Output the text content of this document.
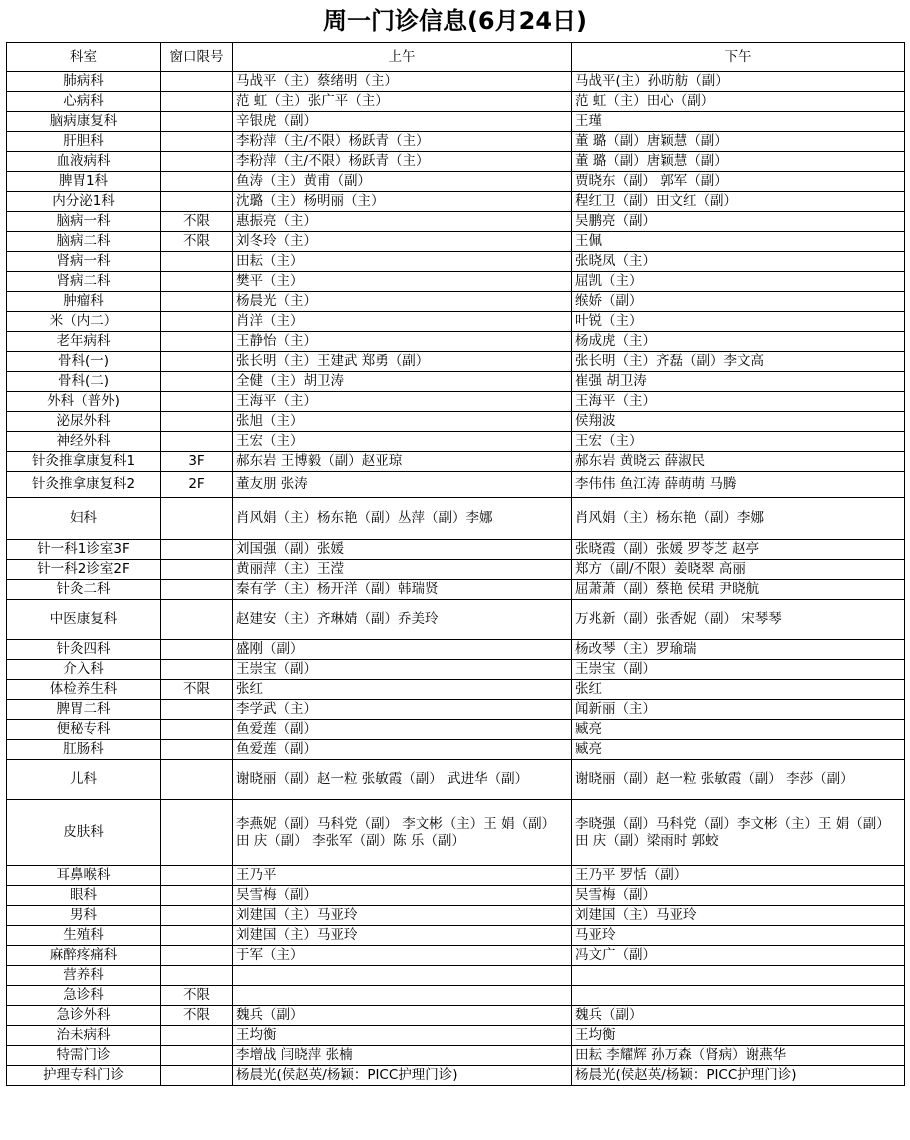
周一门诊信息(6月24日)
科室	窗口限号	上午	下午
肺病科		马战平（主）蔡绪明（主）	马战平(主）孙昉舫（副）
心病科		范 虹（主）张广平（主）	范 虹（主）田心（副）
脑病康复科		辛银虎（副）	王瑾
肝胆科		李粉萍（主/不限）杨跃青（主）	董 璐（副）唐颖慧（副）
血液病科		李粉萍（主/不限）杨跃青（主）	董 璐（副）唐颖慧（副）
脾胃1科		鱼涛（主）黄甫（副）	贾晓东（副） 郭军（副）
内分泌1科		沈璐（主）杨明丽（主）	程红卫（副）田文红（副）
脑病一科	不限	惠振亮（主）	吴鹏亮（副）
脑病二科	不限	刘冬玲（主）	王佩
肾病一科		田耘（主）	张晓凤（主）
肾病二科		樊平（主）	屈凯（主）
肿瘤科		杨晨光（主）	缑娇（副）
米（内二）		肖洋（主）	叶锐（主）
老年病科		王静怡（主）	杨成虎（主）
骨科(一)		张长明（主）王建武 郑勇（副）	张长明（主）齐磊（副）李文高
骨科(二)		全健（主）胡卫涛	崔强 胡卫涛
外科（普外)		王海平（主）	王海平（主）
泌尿外科		张旭（主）	侯翔波
神经外科		王宏（主）	王宏（主）
针灸推拿康复科1	3F	郝东岩 王博毅（副）赵亚琼	郝东岩 黄晓云 薛淑民
针灸推拿康复科2	2F	董友朋 张涛	李伟伟 鱼江涛 薛萌萌 马腾
妇科		肖风娟（主）杨东艳（副）丛萍（副）李娜	肖风娟（主）杨东艳（副）李娜
针一科1诊室3F		刘国强（副）张媛	张晓霞（副）张媛 罗苓芝 赵亭
针一科2诊室2F		黄丽萍（主）王滢	郑方（副/不限）姜晓翠 高丽
针灸二科		秦有学（主）杨开洋（副）韩瑞贤	屈萧萧（副）蔡艳 侯珺 尹晓航
中医康复科		赵建安（主）齐琳婧（副）乔美玲	万兆新（副）张香妮（副） 宋琴琴
针灸四科		盛刚（副）	杨改琴（主）罗瑜瑞
介入科		王崇宝（副）	王崇宝（副）
体检养生科	不限	张红	张红
脾胃二科		李学武（主）	闻新丽（主）
便秘专科		鱼爱莲（副）	臧亮
肛肠科		鱼爱莲（副）	臧亮
儿科		谢晓丽（副）赵一粒 张敏霞（副） 武进华（副）	谢晓丽（副）赵一粒 张敏霞（副） 李莎（副）
皮肤科		李燕妮（副）马科党（副） 李文彬（主）王 娟（副）田 庆（副） 李张军（副）陈 乐（副）	李晓强（副）马科党（副）李文彬（主）王 娟（副）田 庆（副）梁雨时 郭蛟
耳鼻喉科		王乃平	王乃平 罗恬（副）
眼科		吴雪梅（副）	吴雪梅（副）
男科		刘建国（主）马亚玲	刘建国（主）马亚玲
生殖科		刘建国（主）马亚玲	马亚玲
麻醉疼痛科		于军（主）	冯文广（副）
营养科			
急诊科	不限		
急诊外科	不限	魏兵（副）	魏兵（副）
治未病科		王均衡	王均衡
特需门诊		李增战 闫晓萍 张楠	田耘 李耀辉 孙万森（肾病）谢燕华
护理专科门诊		杨晨光(侯赵英/杨颖：PICC护理门诊)	杨晨光(侯赵英/杨颖：PICC护理门诊)
